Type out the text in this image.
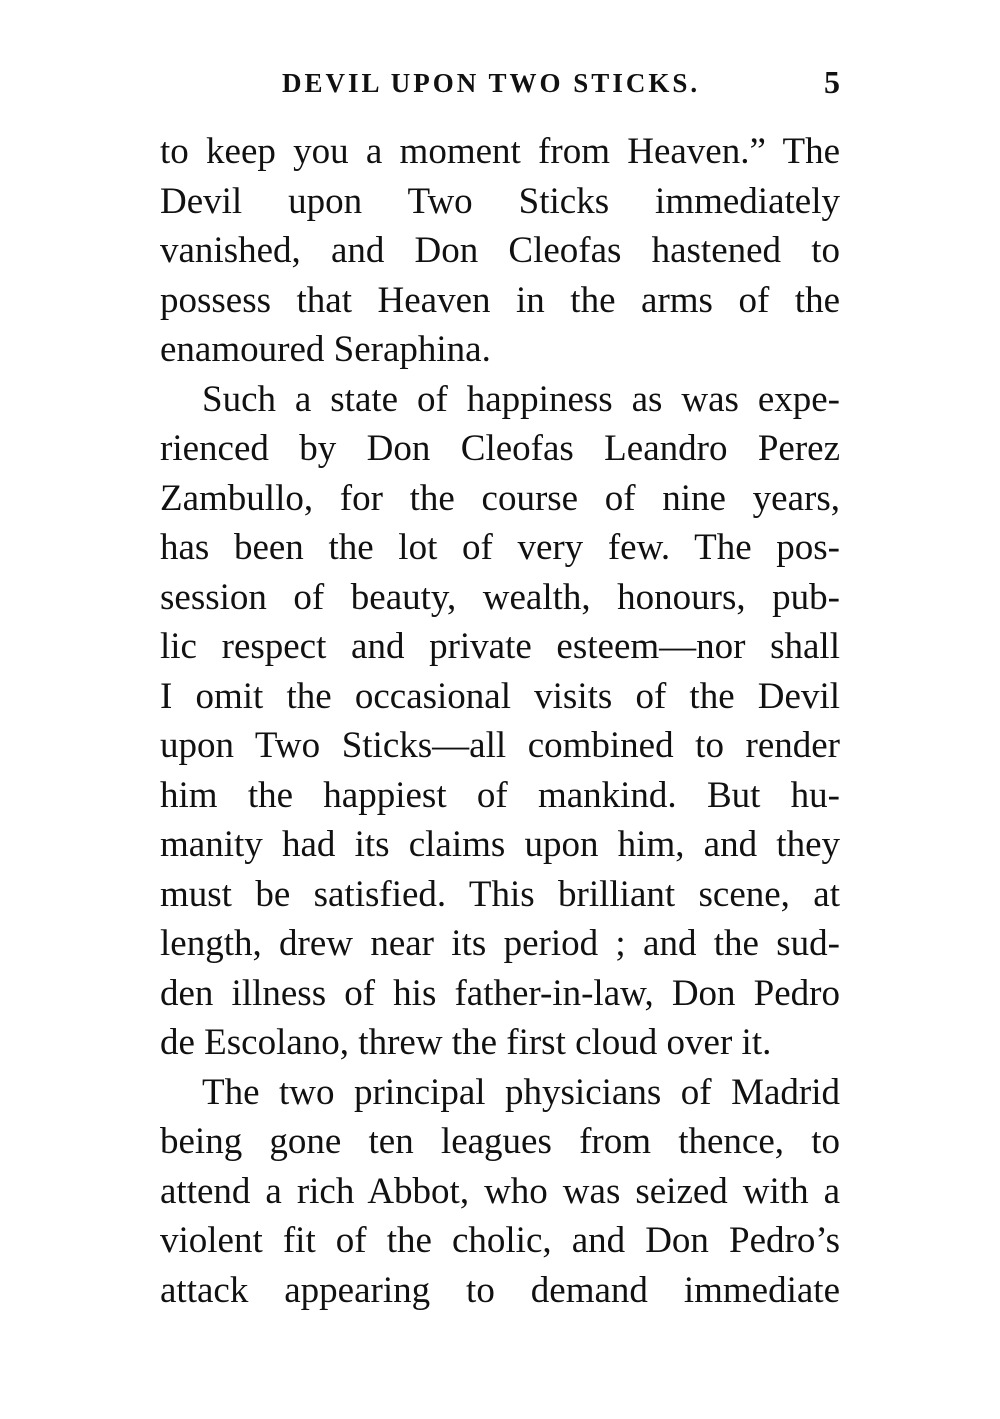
DEVIL UPON TWO STICKS.	5
to keep you a moment from Heaven.” The
Devil upon Two Sticks immediately
vanished, and Don Cleofas hastened to
possess that Heaven in the arms of the
enamoured Seraphina.
Such a state of happiness as was expe-
rienced by Don Cleofas Leandro Perez
Zambullo, for the course of nine years,
has been the lot of very few. The pos-
session of beauty, wealth, honours, pub-
lic respect and private esteem—nor shall
I omit the occasional visits of the Devil
upon Two Sticks—all combined to render
him the happiest of mankind. But hu-
manity had its claims upon him, and they
must be satisfied. This brilliant scene, at
length, drew near its period ; and the sud-
den illness of his father-in-law, Don Pedro
de Escolano, threw the first cloud over it.
The two principal physicians of Madrid
being gone ten leagues from thence, to
attend a rich Abbot, who was seized with a
violent fit of the cholic, and Don Pedro’s
attack appearing to demand immediate
